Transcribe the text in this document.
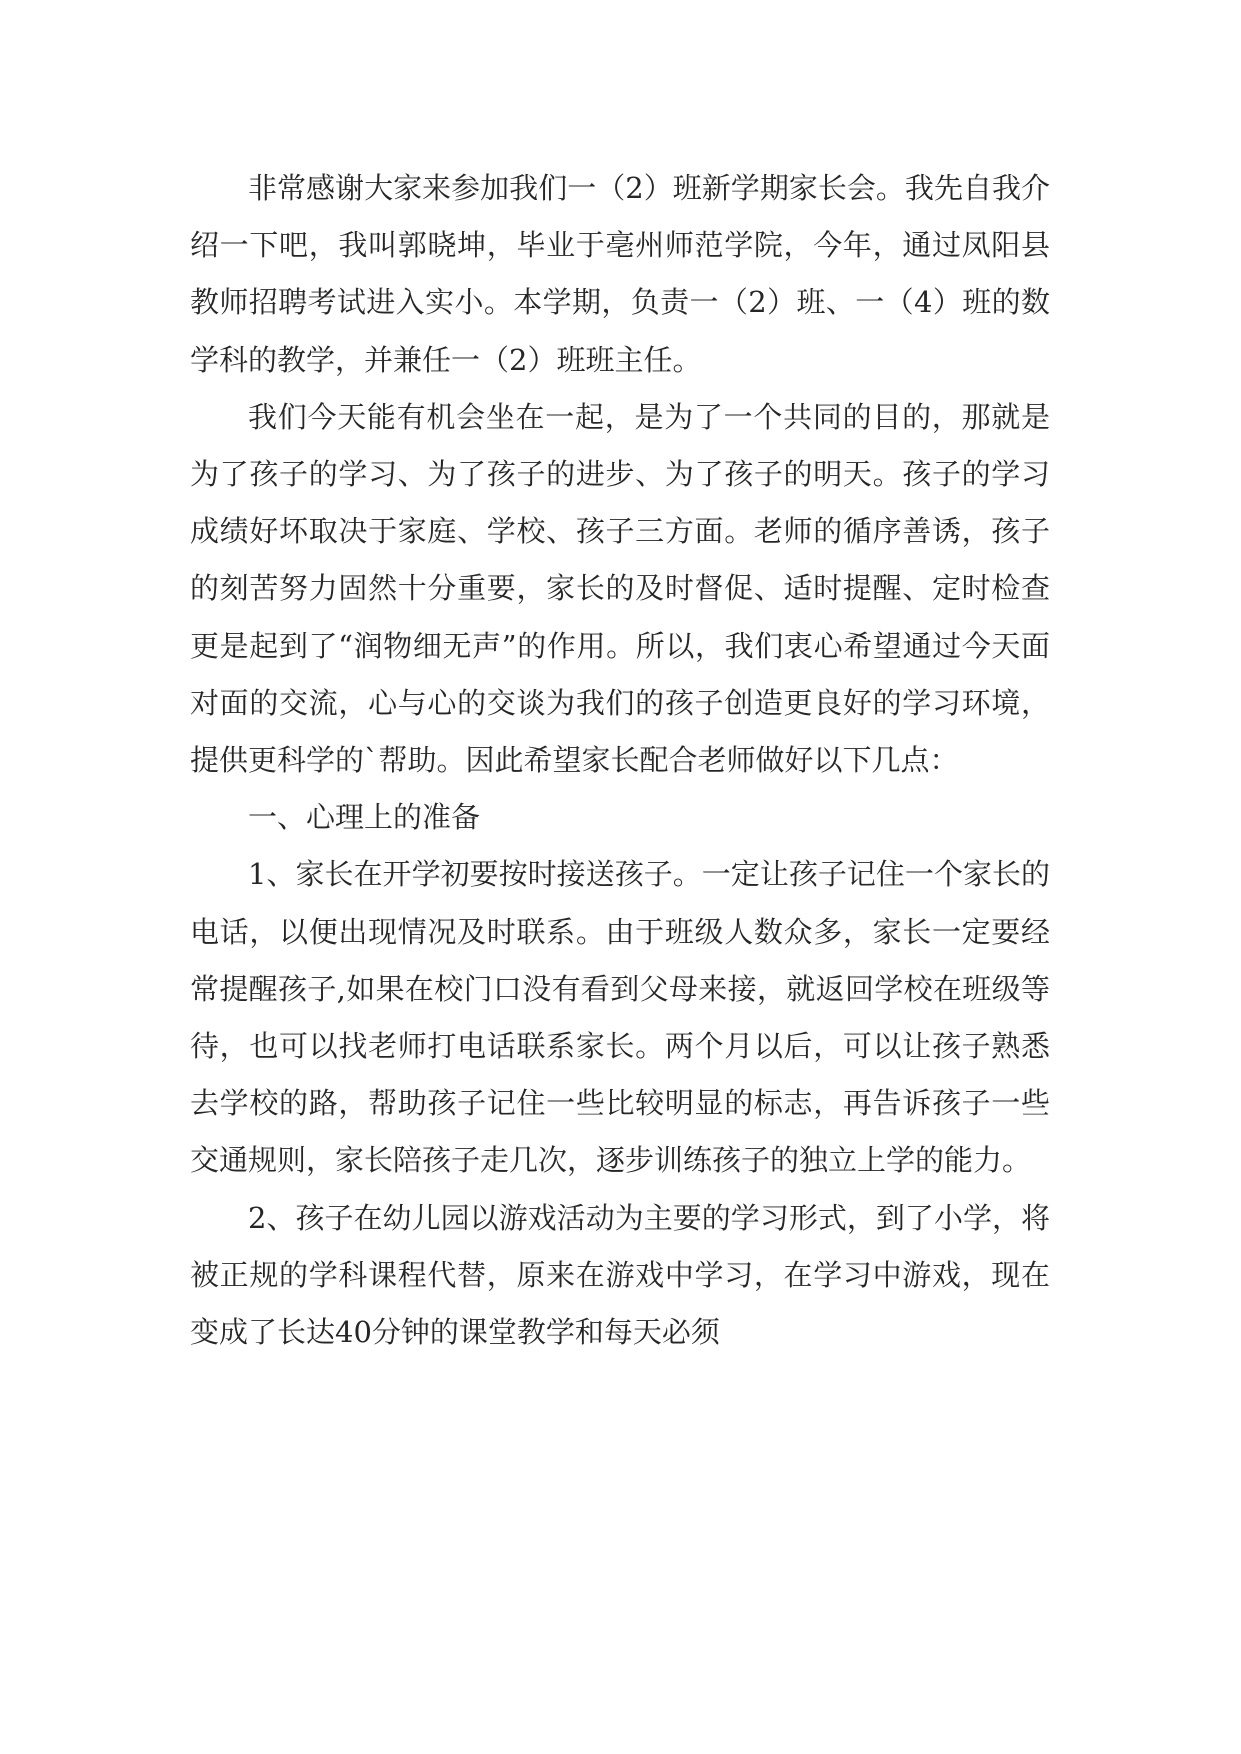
非常感谢大家来参加我们一（2）班新学期家长会。我先自我介绍一下吧，我叫郭晓坤，毕业于亳州师范学院，今年，通过凤阳县教师招聘考试进入实小。本学期，负责一（2）班、一（4）班的数学科的教学，并兼任一（2）班班主任。

我们今天能有机会坐在一起，是为了一个共同的目的，那就是为了孩子的学习、为了孩子的进步、为了孩子的明天。孩子的学习成绩好坏取决于家庭、学校、孩子三方面。老师的循序善诱，孩子的刻苦努力固然十分重要，家长的及时督促、适时提醒、定时检查更是起到了“润物细无声”的作用。所以，我们衷心希望通过今天面对面的交流，心与心的交谈为我们的孩子创造更良好的学习环境，提供更科学的`帮助。因此希望家长配合老师做好以下几点：

一、心理上的准备

1、家长在开学初要按时接送孩子。一定让孩子记住一个家长的电话，以便出现情况及时联系。由于班级人数众多，家长一定要经常提醒孩子,如果在校门口没有看到父母来接，就返回学校在班级等待，也可以找老师打电话联系家长。两个月以后，可以让孩子熟悉去学校的路，帮助孩子记住一些比较明显的标志，再告诉孩子一些交通规则，家长陪孩子走几次，逐步训练孩子的独立上学的能力。

2、孩子在幼儿园以游戏活动为主要的学习形式，到了小学，将被正规的学科课程代替，原来在游戏中学习，在学习中游戏，现在变成了长达40分钟的课堂教学和每天必须
